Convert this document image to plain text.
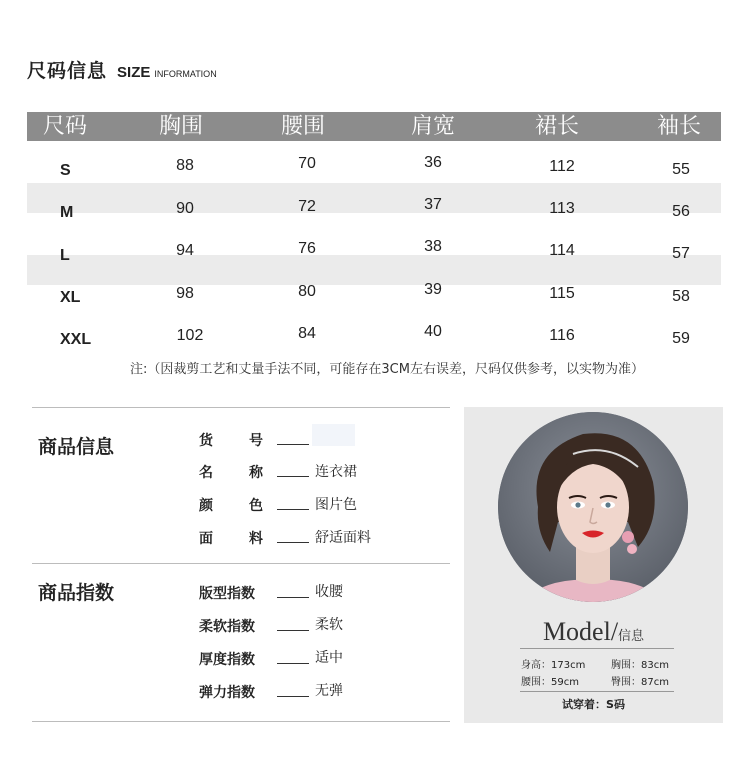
尺码信息 SIZE INFORMATION
尺码	胸围	腰围	肩宽	裙长	袖长
S	88	70	36	112	55
M	90	72	37	113	56
L	94	76	38	114	57
XL	98	80	39	115	58
XXL	102	84	40	116	59
注:（因裁剪工艺和丈量手法不同，可能存在3CM左右误差，尺码仅供参考，以实物为准）
商品信息	货	号
名	称	连衣裙
颜	色	图片色
面	料	舒适面料
商品指数	版型指数	收腰
柔软指数	柔软
厚度指数	适中
弹力指数	无弹
Model/信息
身高：173cm	胸围：83cm
腰围：59cm	臀围：87cm
试穿着：S码
